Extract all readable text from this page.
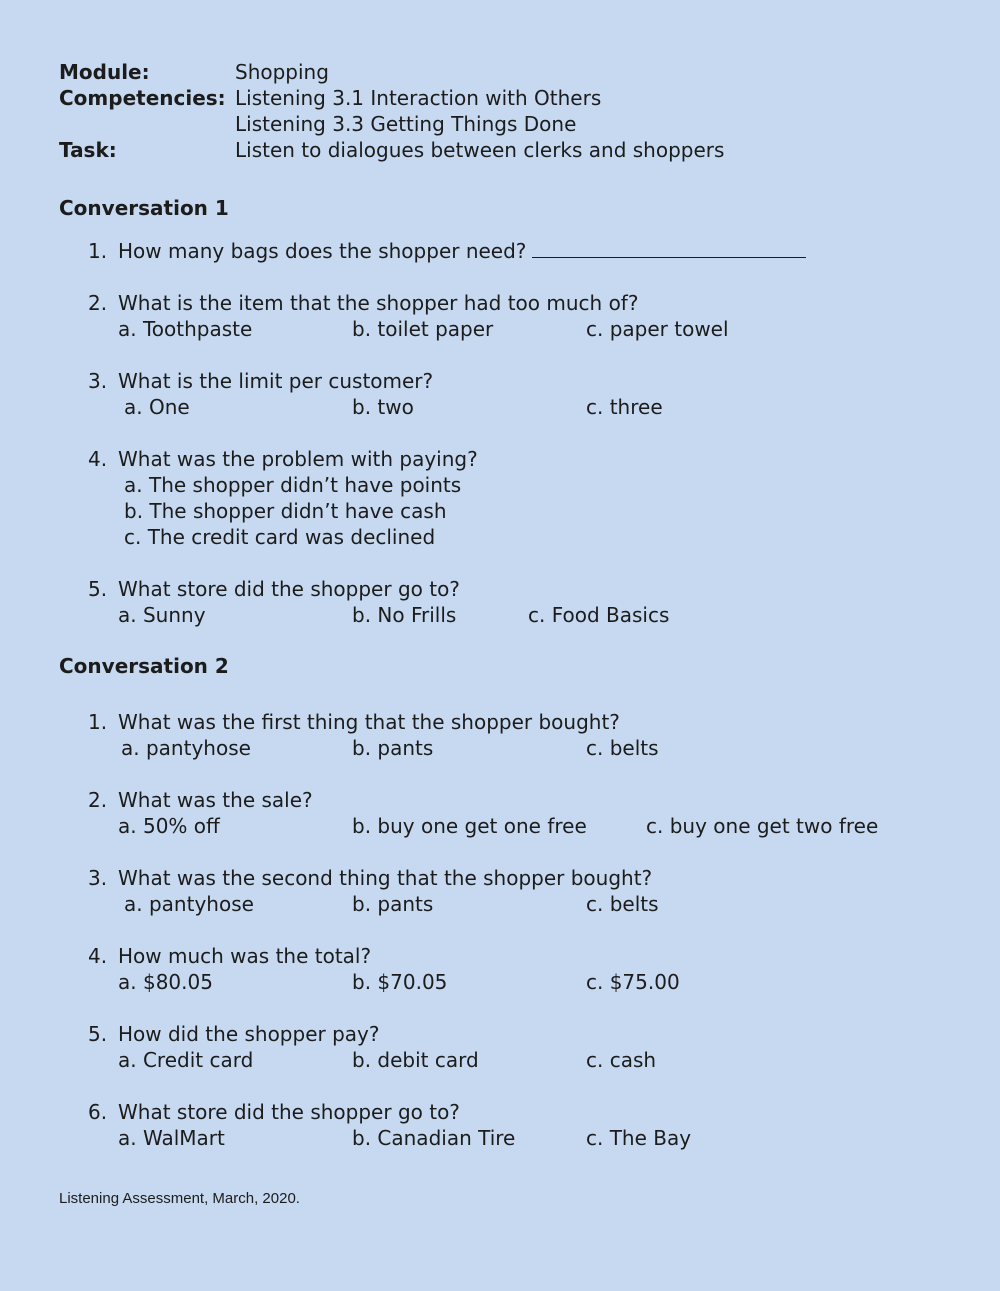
Module:	Shopping
Competencies: Listening 3.1 Interaction with Others
Listening 3.3 Getting Things Done
Task:	Listen to dialogues between clerks and shoppers
Conversation 1
1. How many bags does the shopper need?
2. What is the item that the shopper had too much of?
a. Toothpaste	b. toilet paper	c. paper towel
3. What is the limit per customer?
a. One	b. two	c. three
4. What was the problem with paying?
a. The shopper didn’t have points
b. The shopper didn’t have cash
c. The credit card was declined
5. What store did the shopper go to?
a. Sunny	b. No Frills	c. Food Basics
Conversation 2
1. What was the first thing that the shopper bought?
a. pantyhose	b. pants	c. belts
2. What was the sale?
a. 50% off	b. buy one get one free	c. buy one get two free
3. What was the second thing that the shopper bought?
a. pantyhose	b. pants	c. belts
4. How much was the total?
a. $80.05	b. $70.05	c. $75.00
5. How did the shopper pay?
a. Credit card	b. debit card	c. cash
6. What store did the shopper go to?
a. WalMart	b. Canadian Tire	c. The Bay
Listening Assessment, March, 2020.
